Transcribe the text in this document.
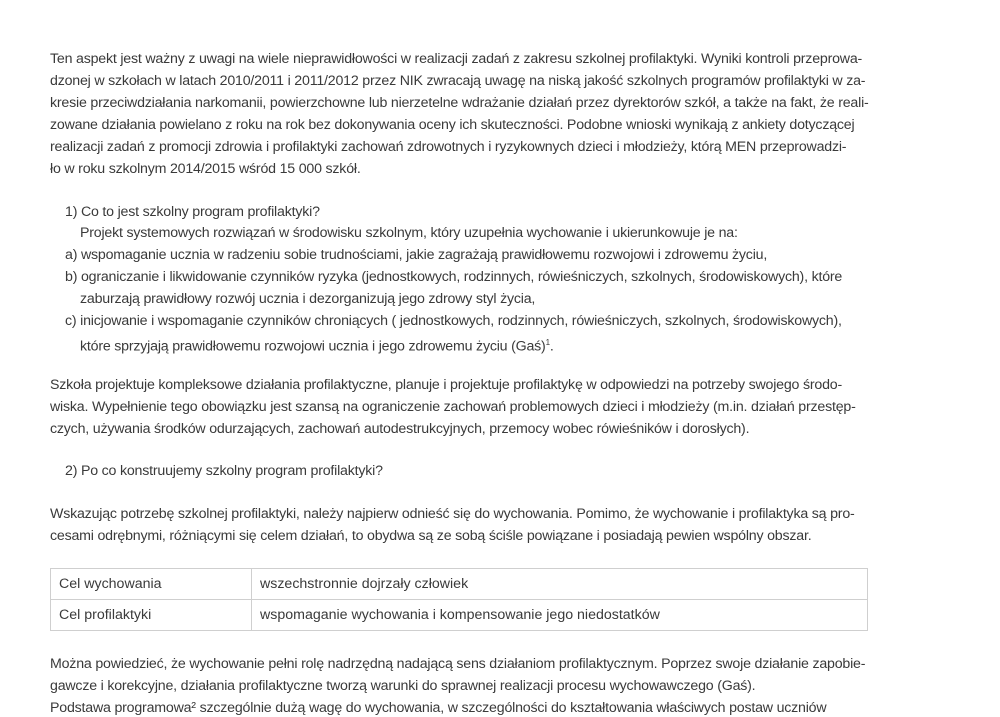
Ten aspekt jest ważny z uwagi na wiele nieprawidłowości w realizacji zadań z zakresu szkolnej profilaktyki. Wyniki kontroli przeprowa-
dzonej w szkołach w latach 2010/2011 i 2011/2012 przez NIK zwracają uwagę na niską jakość szkolnych programów profilaktyki w za-
kresie przeciwdziałania narkomanii, powierzchowne lub nierzetelne wdrażanie działań przez dyrektorów szkół, a także na fakt, że reali-
zowane działania powielano z roku na rok bez dokonywania oceny ich skuteczności. Podobne wnioski wynikają z ankiety dotyczącej
realizacji zadań z promocji zdrowia i profilaktyki zachowań zdrowotnych i ryzykownych dzieci i młodzieży, którą MEN przeprowadzi-
ło w roku szkolnym 2014/2015 wśród 15 000 szkół.
1) Co to jest szkolny program profilaktyki?
Projekt systemowych rozwiązań w środowisku szkolnym, który uzupełnia wychowanie i ukierunkowuje je na:
a) wspomaganie ucznia w radzeniu sobie trudnościami, jakie zagrażają prawidłowemu rozwojowi i zdrowemu życiu,
b) ograniczanie i likwidowanie czynników ryzyka (jednostkowych, rodzinnych, rówieśniczych, szkolnych, środowiskowych), które
zaburzają prawidłowy rozwój ucznia i dezorganizują jego zdrowy styl życia,
c) inicjowanie i wspomaganie czynników chroniących ( jednostkowych, rodzinnych, rówieśniczych, szkolnych, środowiskowych),
które sprzyjają prawidłowemu rozwojowi ucznia i jego zdrowemu życiu (Gaś)$^1$.
Szkoła projektuje kompleksowe działania profilaktyczne, planuje i projektuje profilaktykę w odpowiedzi na potrzeby swojego środo-
wiska. Wypełnienie tego obowiązku jest szansą na ograniczenie zachowań problemowych dzieci i młodzieży (m.in. działań przestęp-
czych, używania środków odurzających, zachowań autodestrukcyjnych, przemocy wobec rówieśników i dorosłych).
2) Po co konstruujemy szkolny program profilaktyki?
Wskazując potrzebę szkolnej profilaktyki, należy najpierw odnieść się do wychowania. Pomimo, że wychowanie i profilaktyka są pro-
cesami odrębnymi, różniącymi się celem działań, to obydwa są ze sobą ściśle powiązane i posiadają pewien wspólny obszar.
Cel wychowania	wszechstronnie dojrzały człowiek
Cel profilaktyki	wspomaganie wychowania i kompensowanie jego niedostatków
Można powiedzieć, że wychowanie pełni rolę nadrzędną nadającą sens działaniom profilaktycznym. Poprzez swoje działanie zapobie-
gawcze i korekcyjne, działania profilaktyczne tworzą warunki do sprawnej realizacji procesu wychowawczego (Gaś).
Podstawa programowa² szczególnie dużą wagę do wychowania, w szczególności do kształtowania właściwych postaw uczniów
